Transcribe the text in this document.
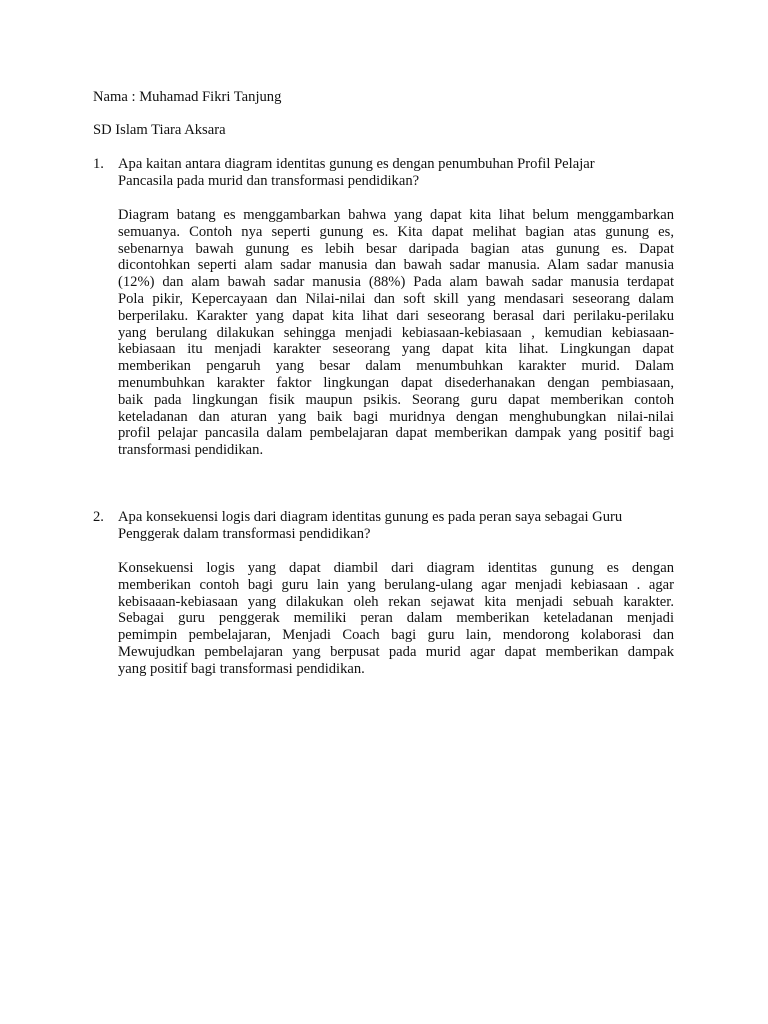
Nama : Muhamad Fikri Tanjung
SD Islam Tiara Aksara
1. Apa kaitan antara diagram identitas gunung es dengan penumbuhan Profil Pelajar
Pancasila pada murid dan transformasi pendidikan?
Diagram batang es menggambarkan bahwa yang dapat kita lihat belum menggambarkan
semuanya. Contoh nya seperti gunung es. Kita dapat melihat bagian atas gunung es,
sebenarnya bawah gunung es lebih besar daripada bagian atas gunung es. Dapat
dicontohkan seperti alam sadar manusia dan bawah sadar manusia. Alam sadar manusia
(12%) dan alam bawah sadar manusia (88%) Pada alam bawah sadar manusia terdapat
Pola pikir, Kepercayaan dan Nilai-nilai dan soft skill yang mendasari seseorang dalam
berperilaku. Karakter yang dapat kita lihat dari seseorang berasal dari perilaku-perilaku
yang berulang dilakukan sehingga menjadi kebiasaan-kebiasaan , kemudian kebiasaan-
kebiasaan itu menjadi karakter seseorang yang dapat kita lihat. Lingkungan dapat
memberikan pengaruh yang besar dalam menumbuhkan karakter murid. Dalam
menumbuhkan karakter faktor lingkungan dapat disederhanakan dengan pembiasaan,
baik pada lingkungan fisik maupun psikis. Seorang guru dapat memberikan contoh
keteladanan dan aturan yang baik bagi muridnya dengan menghubungkan nilai-nilai
profil pelajar pancasila dalam pembelajaran dapat memberikan dampak yang positif bagi
transformasi pendidikan.
2. Apa konsekuensi logis dari diagram identitas gunung es pada peran saya sebagai Guru
Penggerak dalam transformasi pendidikan?
Konsekuensi logis yang dapat diambil dari diagram identitas gunung es dengan
memberikan contoh bagi guru lain yang berulang-ulang agar menjadi kebiasaan . agar
kebisaaan-kebiasaan yang dilakukan oleh rekan sejawat kita menjadi sebuah karakter.
Sebagai guru penggerak memiliki peran dalam memberikan keteladanan menjadi
pemimpin pembelajaran, Menjadi Coach bagi guru lain, mendorong kolaborasi dan
Mewujudkan pembelajaran yang berpusat pada murid agar dapat memberikan dampak
yang positif bagi transformasi pendidikan.
